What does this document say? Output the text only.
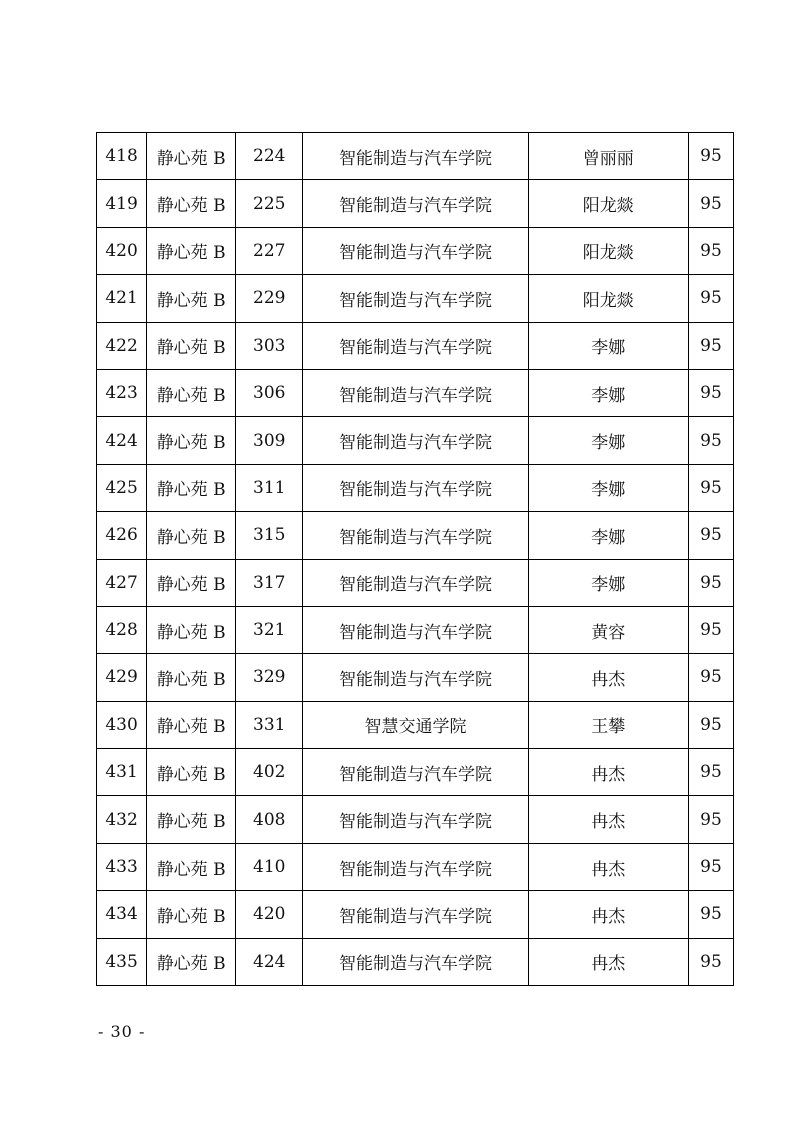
418	静心苑 B	224	智能制造与汽车学院	曾丽丽	95
419	静心苑 B	225	智能制造与汽车学院	阳龙燚	95
420	静心苑 B	227	智能制造与汽车学院	阳龙燚	95
421	静心苑 B	229	智能制造与汽车学院	阳龙燚	95
422	静心苑 B	303	智能制造与汽车学院	李娜	95
423	静心苑 B	306	智能制造与汽车学院	李娜	95
424	静心苑 B	309	智能制造与汽车学院	李娜	95
425	静心苑 B	311	智能制造与汽车学院	李娜	95
426	静心苑 B	315	智能制造与汽车学院	李娜	95
427	静心苑 B	317	智能制造与汽车学院	李娜	95
428	静心苑 B	321	智能制造与汽车学院	黄容	95
429	静心苑 B	329	智能制造与汽车学院	冉杰	95
430	静心苑 B	331	智慧交通学院	王攀	95
431	静心苑 B	402	智能制造与汽车学院	冉杰	95
432	静心苑 B	408	智能制造与汽车学院	冉杰	95
433	静心苑 B	410	智能制造与汽车学院	冉杰	95
434	静心苑 B	420	智能制造与汽车学院	冉杰	95
435	静心苑 B	424	智能制造与汽车学院	冉杰	95
- 30 -
